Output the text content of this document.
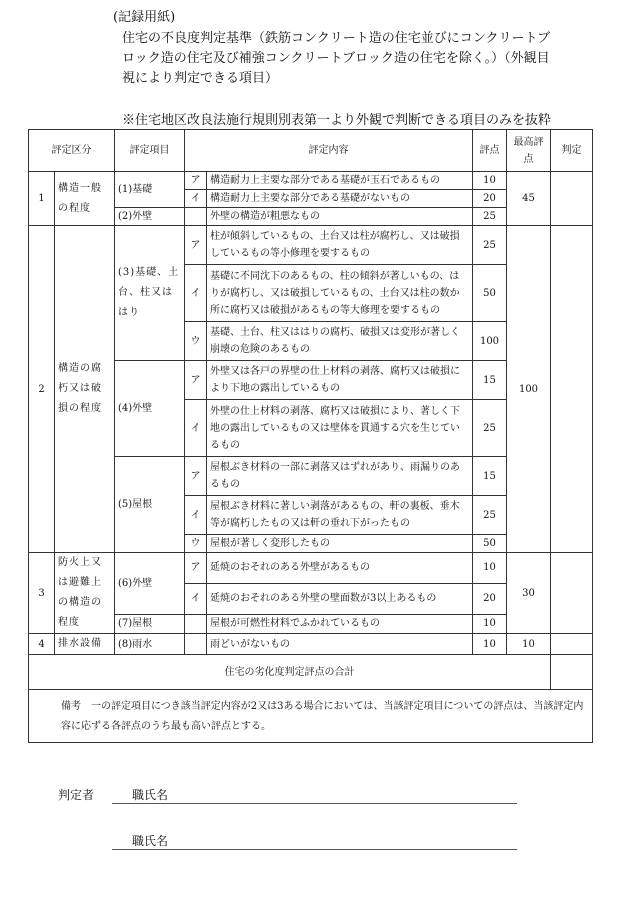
(記録用紙)
住宅の不良度判定基準（鉄筋コンクリート造の住宅並びにコンクリートブロック造の住宅及び補強コンクリートブロック造の住宅を除く。）（外観目視により判定できる項目）
※住宅地区改良法施行規則別表第一より外観で判断できる項目のみを抜粋
評定区分		評定項目	評定内容		評点	最高評点	判定
1	構造一般の程度	(1)基礎	ア	構造耐力上主要な部分である基礎が玉石であるもの	10	45	
			イ	構造耐力上主要な部分である基礎がないもの	20		
		(2)外壁		外壁の構造が粗悪なもの	25		
2	構造の腐朽又は破損の程度	(3)基礎、土台、柱又ははり	ア	柱が傾斜しているもの、土台又は柱が腐朽し、又は破損しているもの等小修理を要するもの	25	100	
			イ	基礎に不同沈下のあるもの、柱の傾斜が著しいもの、はりが腐朽し、又は破損しているもの、土台又は柱の数か所に腐朽又は破損があるもの等大修理を要するもの	50		
			ウ	基礎、土台、柱又ははりの腐朽、破損又は変形が著しく崩壊の危険のあるもの	100		
		(4)外壁	ア	外壁又は各戸の界壁の仕上材料の剥落、腐朽又は破損により下地の露出しているもの	15		
			イ	外壁の仕上材料の剥落、腐朽又は破損により、著しく下地の露出しているもの又は壁体を貫通する穴を生じているもの	25		
		(5)屋根	ア	屋根ぶき材料の一部に剥落又はずれがあり、雨漏りのあるもの	15		
			イ	屋根ぶき材料に著しい剥落があるもの、軒の裏板、垂木等が腐朽したもの又は軒の垂れ下がったもの	25		
			ウ	屋根が著しく変形したもの	50		
3	防火上又は避難上の構造の程度	(6)外壁	ア	延焼のおそれのある外壁があるもの	10	30	
			イ	延焼のおそれのある外壁の壁面数が3以上あるもの	20		
		(7)屋根		屋根が可燃性材料でふかれているもの	10		
4	排水設備	(8)雨水		雨どいがないもの	10	10	
住宅の劣化度判定評点の合計							
備考　一の評定項目につき該当評定内容が2又は3ある場合においては、当該評定項目についての評点は、当該評定内容に応ずる各評点のうち最も高い評点とする。							
判定者	職氏名
職氏名
